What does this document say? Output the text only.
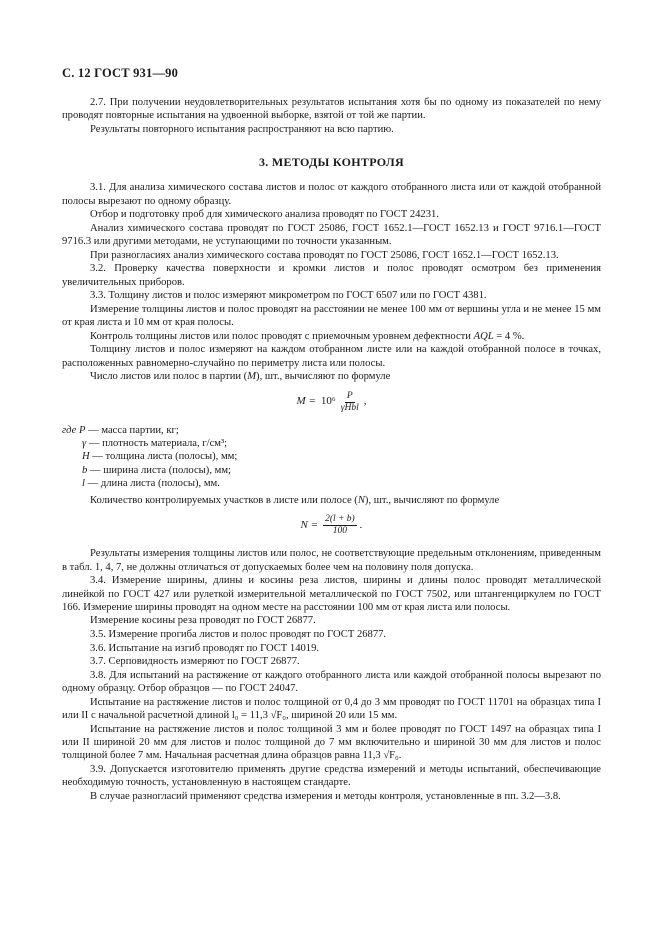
С. 12 ГОСТ 931—90

2.7. При получении неудовлетворительных результатов испытания хотя бы по одному из показателей по нему проводят повторные испытания на удвоенной выборке, взятой от той же партии.

Результаты повторного испытания распространяют на всю партию.

3. МЕТОДЫ КОНТРОЛЯ

3.1. Для анализа химического состава листов и полос от каждого отобранного листа или от каждой отобранной полосы вырезают по одному образцу.

Отбор и подготовку проб для химического анализа проводят по ГОСТ 24231.

Анализ химического состава проводят по ГОСТ 25086, ГОСТ 1652.1—ГОСТ 1652.13 и ГОСТ 9716.1—ГОСТ 9716.3 или другими методами, не уступающими по точности указанным.

При разногласиях анализ химического состава проводят по ГОСТ 25086, ГОСТ 1652.1—ГОСТ 1652.13.

3.2. Проверку качества поверхности и кромки листов и полос проводят осмотром без применения увеличительных приборов.

3.3. Толщину листов и полос измеряют микрометром по ГОСТ 6507 или по ГОСТ 4381.

Измерение толщины листов и полос проводят на расстоянии не менее 100 мм от вершины угла и не менее 15 мм от края листа и 10 мм от края полосы.

Контроль толщины листов или полос проводят с приемочным уровнем дефектности AQL = 4 %.

Толщину листов и полос измеряют на каждом отобранном листе или на каждой отобранной полосе в точках, расположенных равномерно-случайно по периметру листа или полосы.

Число листов или полос в партии (M), шт., вычисляют по формуле

$M = 10^6 \frac{P}{\text{γHbl}}$ ,

где P — масса партии, кг;

γ — плотность материала, г/см³;

H — толщина листа (полосы), мм;

b — ширина листа (полосы), мм;

l — длина листа (полосы), мм.

Количество контролируемых участков в листе или полосе (N), шт., вычисляют по формуле

$N = \frac{2(l + b)}{100}$ .

Результаты измерения толщины листов или полос, не соответствующие предельным отклонениям, приведенным в табл. 1, 4, 7, не должны отличаться от допускаемых более чем на половину поля допуска.

3.4. Измерение ширины, длины и косины реза листов, ширины и длины полос проводят металлической линейкой по ГОСТ 427 или рулеткой измерительной металлической по ГОСТ 7502, или штангенциркулем по ГОСТ 166. Измерение ширины проводят на одном месте на расстоянии 100 мм от края листа или полосы.

Измерение косины реза проводят по ГОСТ 26877.

3.5. Измерение прогиба листов и полос проводят по ГОСТ 26877.

3.6. Испытание на изгиб проводят по ГОСТ 14019.

3.7. Серповидность измеряют по ГОСТ 26877.

3.8. Для испытаний на растяжение от каждого отобранного листа или каждой отобранной полосы вырезают по одному образцу. Отбор образцов — по ГОСТ 24047.

Испытание на растяжение листов и полос толщиной от 0,4 до 3 мм проводят по ГОСТ 11701 на образцах типа I или II с начальной расчетной длиной l₀ = 11,3 √F₀, шириной 20 или 15 мм.

Испытание на растяжение листов и полос толщиной 3 мм и более проводят по ГОСТ 1497 на образцах типа I или II шириной 20 мм для листов и полос толщиной до 7 мм включительно и шириной 30 мм для листов и полос толщиной более 7 мм. Начальная расчетная длина образцов равна 11,3 √F₀.

3.9. Допускается изготовителю применять другие средства измерений и методы испытаний, обеспечивающие необходимую точность, установленную в настоящем стандарте.

В случае разногласий применяют средства измерения и методы контроля, установленные в пп. 3.2—3.8.
